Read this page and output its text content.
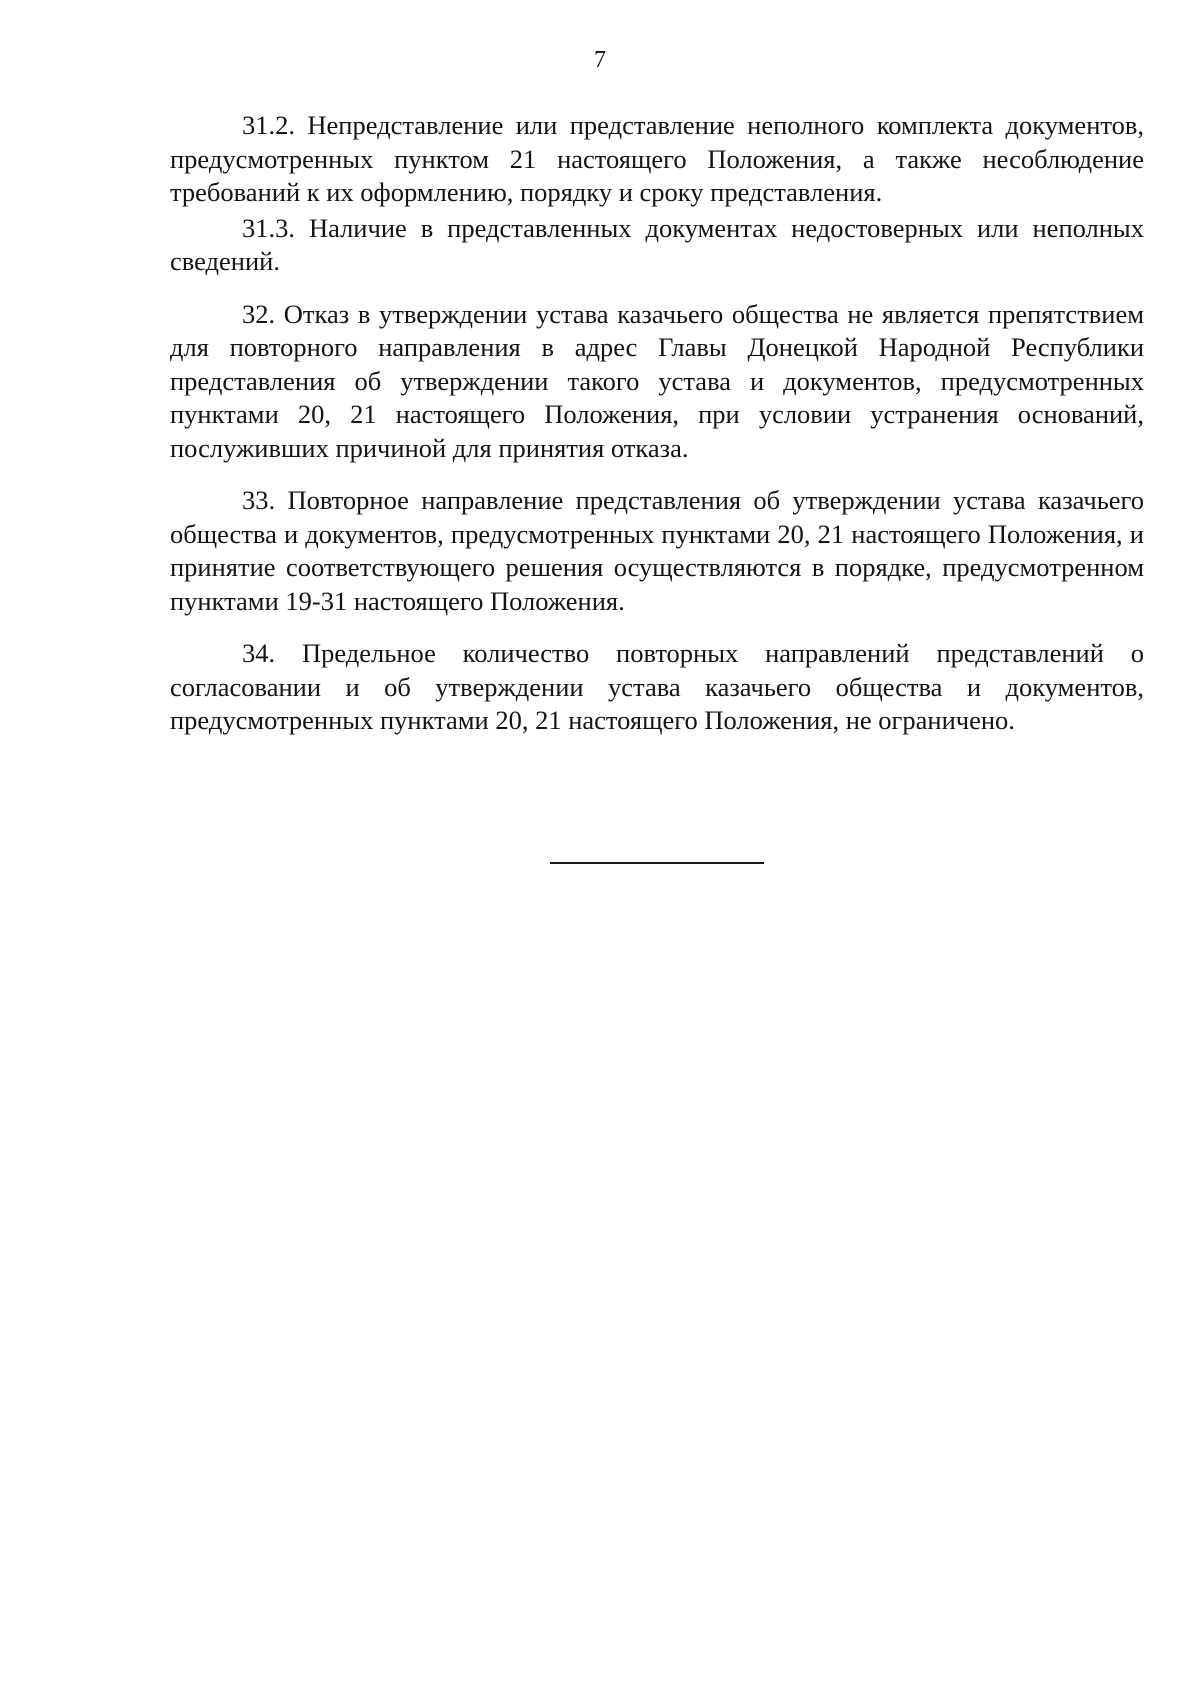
7

31.2. Непредставление или представление неполного комплекта документов, предусмотренных пунктом 21 настоящего Положения, а также несоблюдение требований к их оформлению, порядку и сроку представления.

31.3. Наличие в представленных документах недостоверных или неполных сведений.

32. Отказ в утверждении устава казачьего общества не является препятствием для повторного направления в адрес Главы Донецкой Народной Республики представления об утверждении такого устава и документов, предусмотренных пунктами 20, 21 настоящего Положения, при условии устранения оснований, послуживших причиной для принятия отказа.

33. Повторное направление представления об утверждении устава казачьего общества и документов, предусмотренных пунктами 20, 21 настоящего Положения, и принятие соответствующего решения осуществляются в порядке, предусмотренном пунктами 19-31 настоящего Положения.

34. Предельное количество повторных направлений представлений о согласовании и об утверждении устава казачьего общества и документов, предусмотренных пунктами 20, 21 настоящего Положения, не ограничено.
